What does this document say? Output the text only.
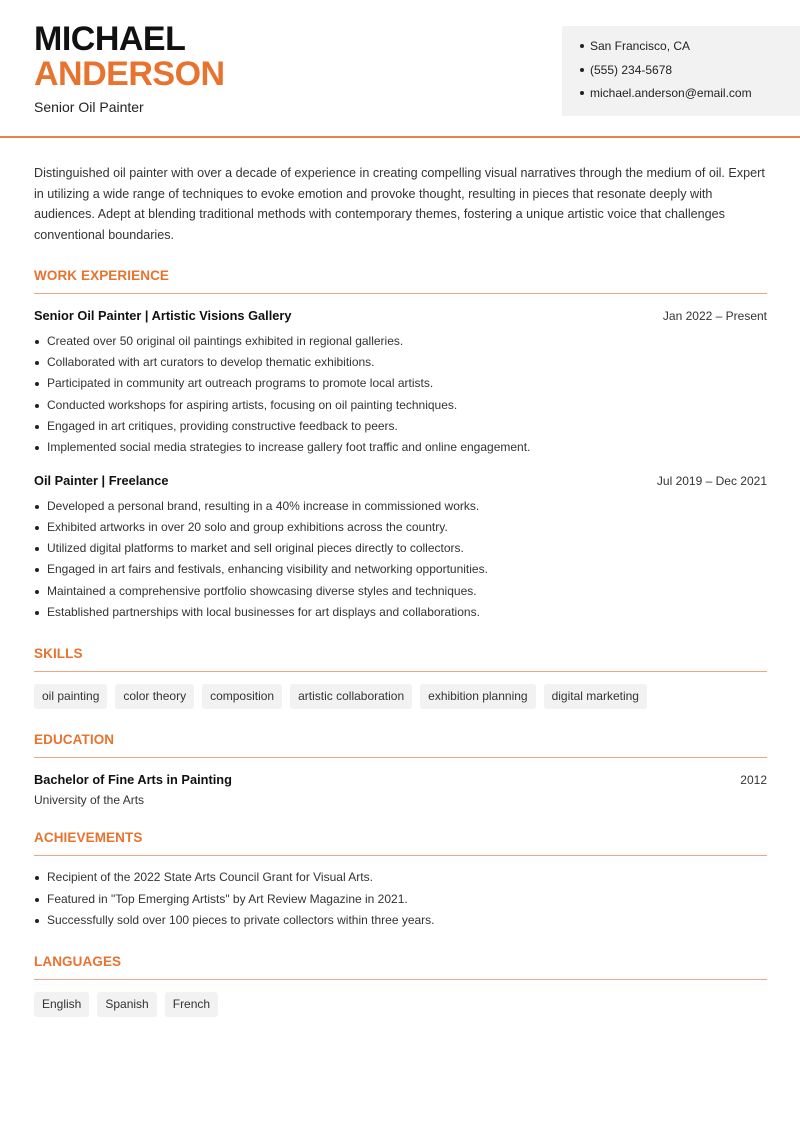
MICHAEL
ANDERSON
Senior Oil Painter
San Francisco, CA
(555) 234-5678
michael.anderson@email.com

Distinguished oil painter with over a decade of experience in creating compelling visual narratives through the medium of oil. Expert in utilizing a wide range of techniques to evoke emotion and provoke thought, resulting in pieces that resonate deeply with audiences. Adept at blending traditional methods with contemporary themes, fostering a unique artistic voice that challenges conventional boundaries.

WORK EXPERIENCE
Senior Oil Painter | Artistic Visions Gallery	Jan 2022 – Present
Created over 50 original oil paintings exhibited in regional galleries.
Collaborated with art curators to develop thematic exhibitions.
Participated in community art outreach programs to promote local artists.
Conducted workshops for aspiring artists, focusing on oil painting techniques.
Engaged in art critiques, providing constructive feedback to peers.
Implemented social media strategies to increase gallery foot traffic and online engagement.
Oil Painter | Freelance	Jul 2019 – Dec 2021
Developed a personal brand, resulting in a 40% increase in commissioned works.
Exhibited artworks in over 20 solo and group exhibitions across the country.
Utilized digital platforms to market and sell original pieces directly to collectors.
Engaged in art fairs and festivals, enhancing visibility and networking opportunities.
Maintained a comprehensive portfolio showcasing diverse styles and techniques.
Established partnerships with local businesses for art displays and collaborations.
SKILLS
oil painting	color theory	composition	artistic collaboration	exhibition planning	digital marketing
EDUCATION
Bachelor of Fine Arts in Painting	2012
University of the Arts
ACHIEVEMENTS
Recipient of the 2022 State Arts Council Grant for Visual Arts.
Featured in "Top Emerging Artists" by Art Review Magazine in 2021.
Successfully sold over 100 pieces to private collectors within three years.
LANGUAGES
English	Spanish	French
